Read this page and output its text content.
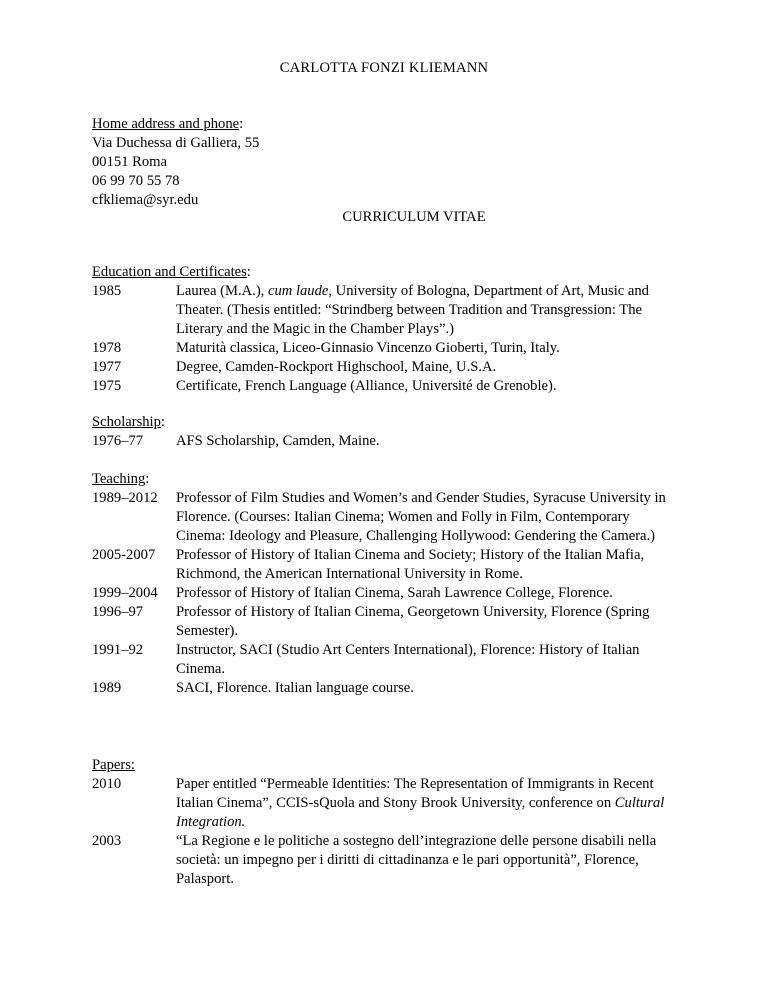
CARLOTTA FONZI KLIEMANN
Home address and phone:
Via Duchessa di Galliera, 55
00151 Roma
06 99 70 55 78
cfkliema@syr.edu
CURRICULUM VITAE
Education and Certificates:
1985	Laurea (M.A.), cum laude, University of Bologna, Department of Art, Music and Theater. (Thesis entitled: “Strindberg between Tradition and Transgression: The Literary and the Magic in the Chamber Plays”.)
1978	Maturità classica, Liceo-Ginnasio Vincenzo Gioberti, Turin, Italy.
1977	Degree, Camden-Rockport Highschool, Maine, U.S.A.
1975	Certificate, French Language (Alliance, Université de Grenoble).
Scholarship:
1976–77 AFS Scholarship, Camden, Maine.
Teaching:
1989–2012 Professor of Film Studies and Women’s and Gender Studies, Syracuse University in Florence. (Courses: Italian Cinema; Women and Folly in Film, Contemporary Cinema: Ideology and Pleasure, Challenging Hollywood: Gendering the Camera.)
2005-2007 Professor of History of Italian Cinema and Society; History of the Italian Mafia, Richmond, the American International University in Rome.
1999–2004 Professor of History of Italian Cinema, Sarah Lawrence College, Florence.
1996–97 Professor of History of Italian Cinema, Georgetown University, Florence (Spring Semester).
1991–92 Instructor, SACI (Studio Art Centers International), Florence: History of Italian Cinema.
1989	SACI, Florence. Italian language course.
Papers:
2010	Paper entitled “Permeable Identities: The Representation of Immigrants in Recent Italian Cinema”, CCIS-sQuola and Stony Brook University, conference on Cultural Integration.
2003	“La Regione e le politiche a sostegno dell’integrazione delle persone disabili nella società: un impegno per i diritti di cittadinanza e le pari opportunità”, Florence, Palasport.
